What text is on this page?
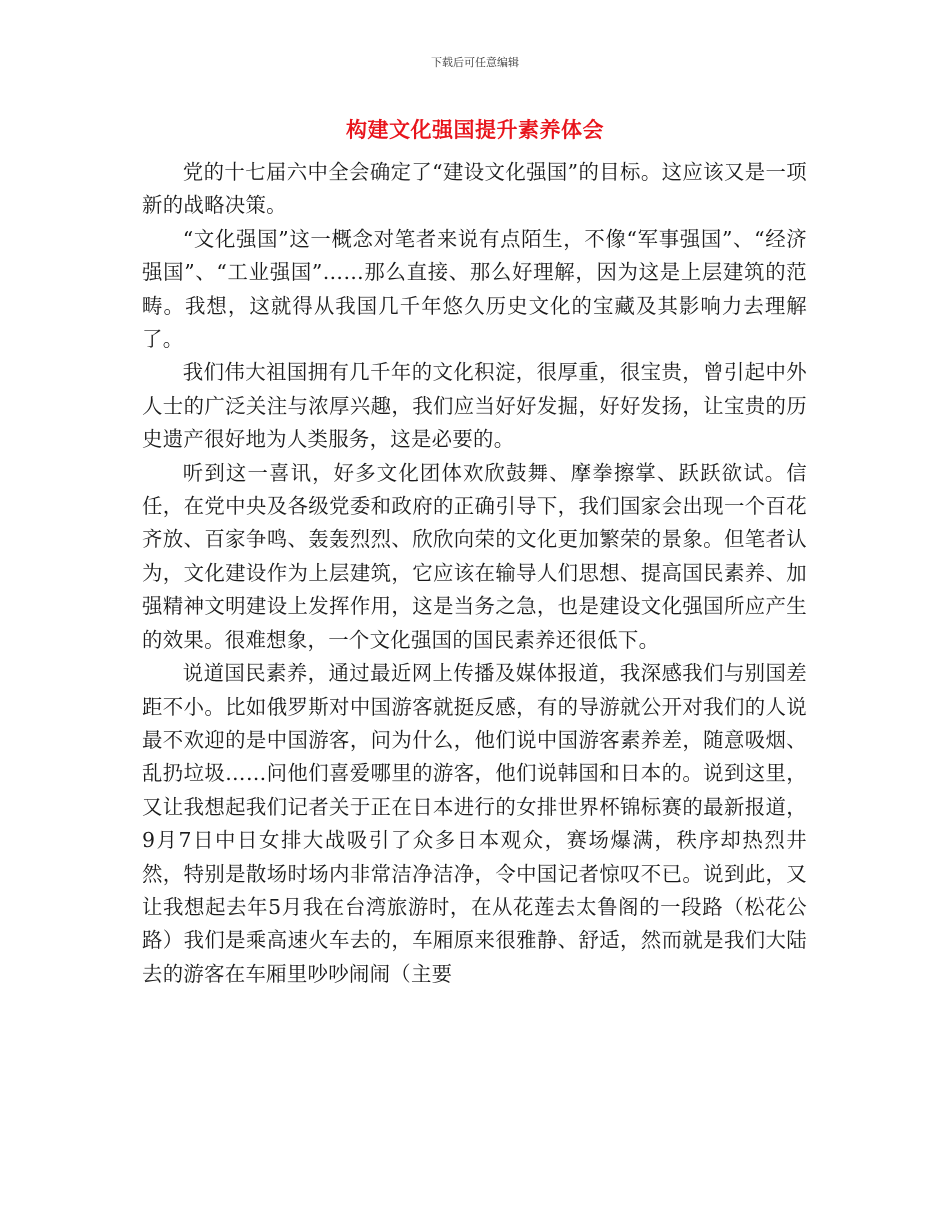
下载后可任意编辑
构建文化强国提升素养体会

党的十七届六中全会确定了“建设文化强国”的目标。这应该又是一项新的战略决策。

“文化强国”这一概念对笔者来说有点陌生，不像“军事强国”、“经济强国”、“工业强国”……那么直接、那么好理解，因为这是上层建筑的范畴。我想，这就得从我国几千年悠久历史文化的宝藏及其影响力去理解了。

我们伟大祖国拥有几千年的文化积淀，很厚重，很宝贵，曾引起中外人士的广泛关注与浓厚兴趣，我们应当好好发掘，好好发扬，让宝贵的历史遗产很好地为人类服务，这是必要的。

听到这一喜讯，好多文化团体欢欣鼓舞、摩拳擦掌、跃跃欲试。信任，在党中央及各级党委和政府的正确引导下，我们国家会出现一个百花齐放、百家争鸣、轰轰烈烈、欣欣向荣的文化更加繁荣的景象。但笔者认为，文化建设作为上层建筑，它应该在输导人们思想、提高国民素养、加强精神文明建设上发挥作用，这是当务之急，也是建设文化强国所应产生的效果。很难想象，一个文化强国的国民素养还很低下。

说道国民素养，通过最近网上传播及媒体报道，我深感我们与别国差距不小。比如俄罗斯对中国游客就挺反感，有的导游就公开对我们的人说最不欢迎的是中国游客，问为什么，他们说中国游客素养差，随意吸烟、乱扔垃圾……问他们喜爱哪里的游客，他们说韩国和日本的。说到这里，又让我想起我们记者关于正在日本进行的女排世界杯锦标赛的最新报道，9月7日中日女排大战吸引了众多日本观众，赛场爆满，秩序却热烈井然，特别是散场时场内非常洁净洁净，令中国记者惊叹不已。说到此，又让我想起去年5月我在台湾旅游时，在从花莲去太鲁阁的一段路（松花公路）我们是乘高速火车去的，车厢原来很雅静、舒适，然而就是我们大陆去的游客在车厢里吵吵闹闹（主要
